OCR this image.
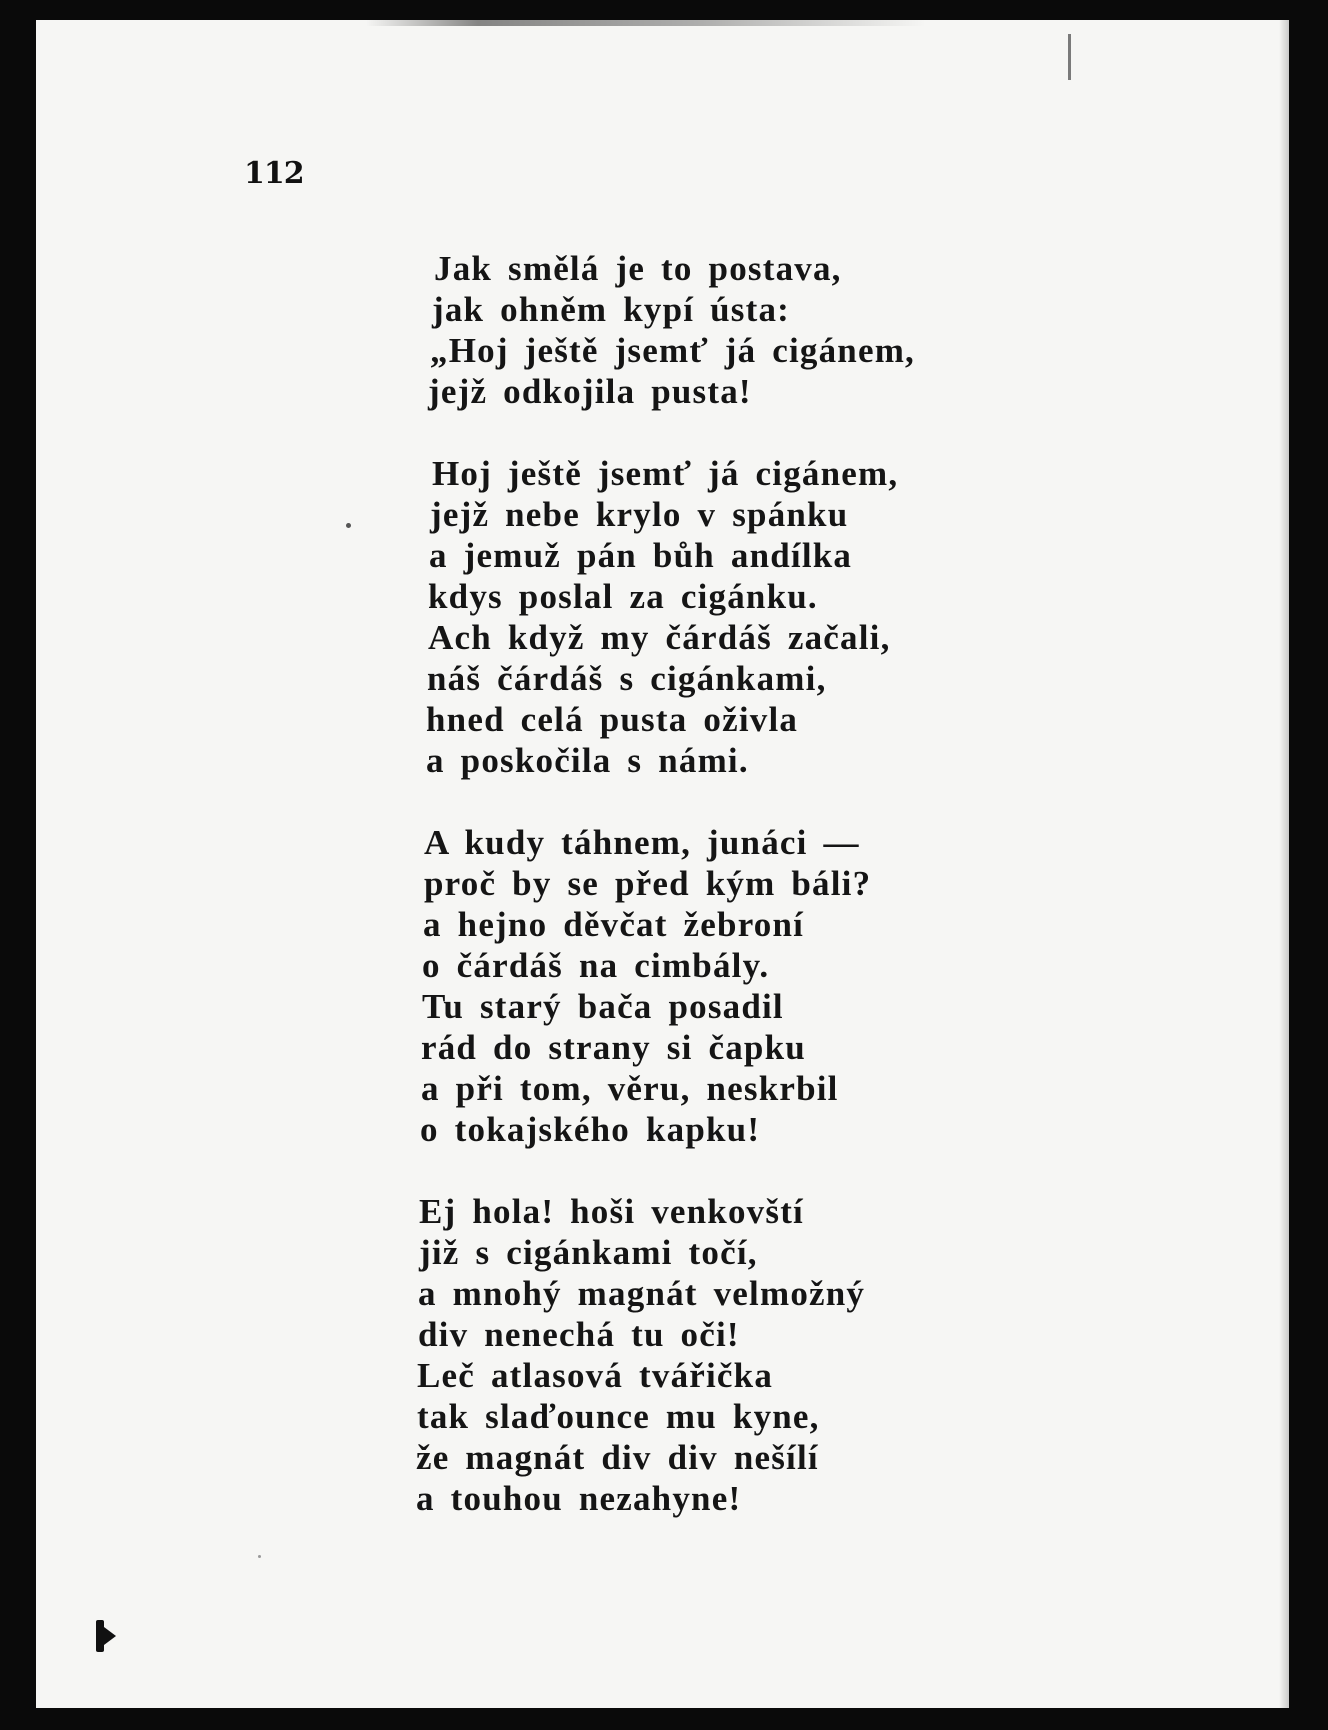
112
Jak smělá je to postava,
jak ohněm kypí ústa:
„Hoj ještě jsemť já cigánem,
jejž odkojila pusta!
Hoj ještě jsemť já cigánem,
jejž nebe krylo v spánku
a jemuž pán bůh andílka
kdys poslal za cigánku.
Ach když my čárdáš začali,
náš čárdáš s cigánkami,
hned celá pusta oživla
a poskočila s námi.
A kudy táhnem, junáci —
proč by se před kým báli?
a hejno děvčat žebroní
o čárdáš na cimbály.
Tu starý bača posadil
rád do strany si čapku
a při tom, věru, neskrbil
o tokajského kapku!
Ej hola! hoši venkovští
již s cigánkami točí,
a mnohý magnát velmožný
div nenechá tu oči!
Leč atlasová tvářička
tak slaďounce mu kyne,
že magnát div div nešílí
a touhou nezahyne!
